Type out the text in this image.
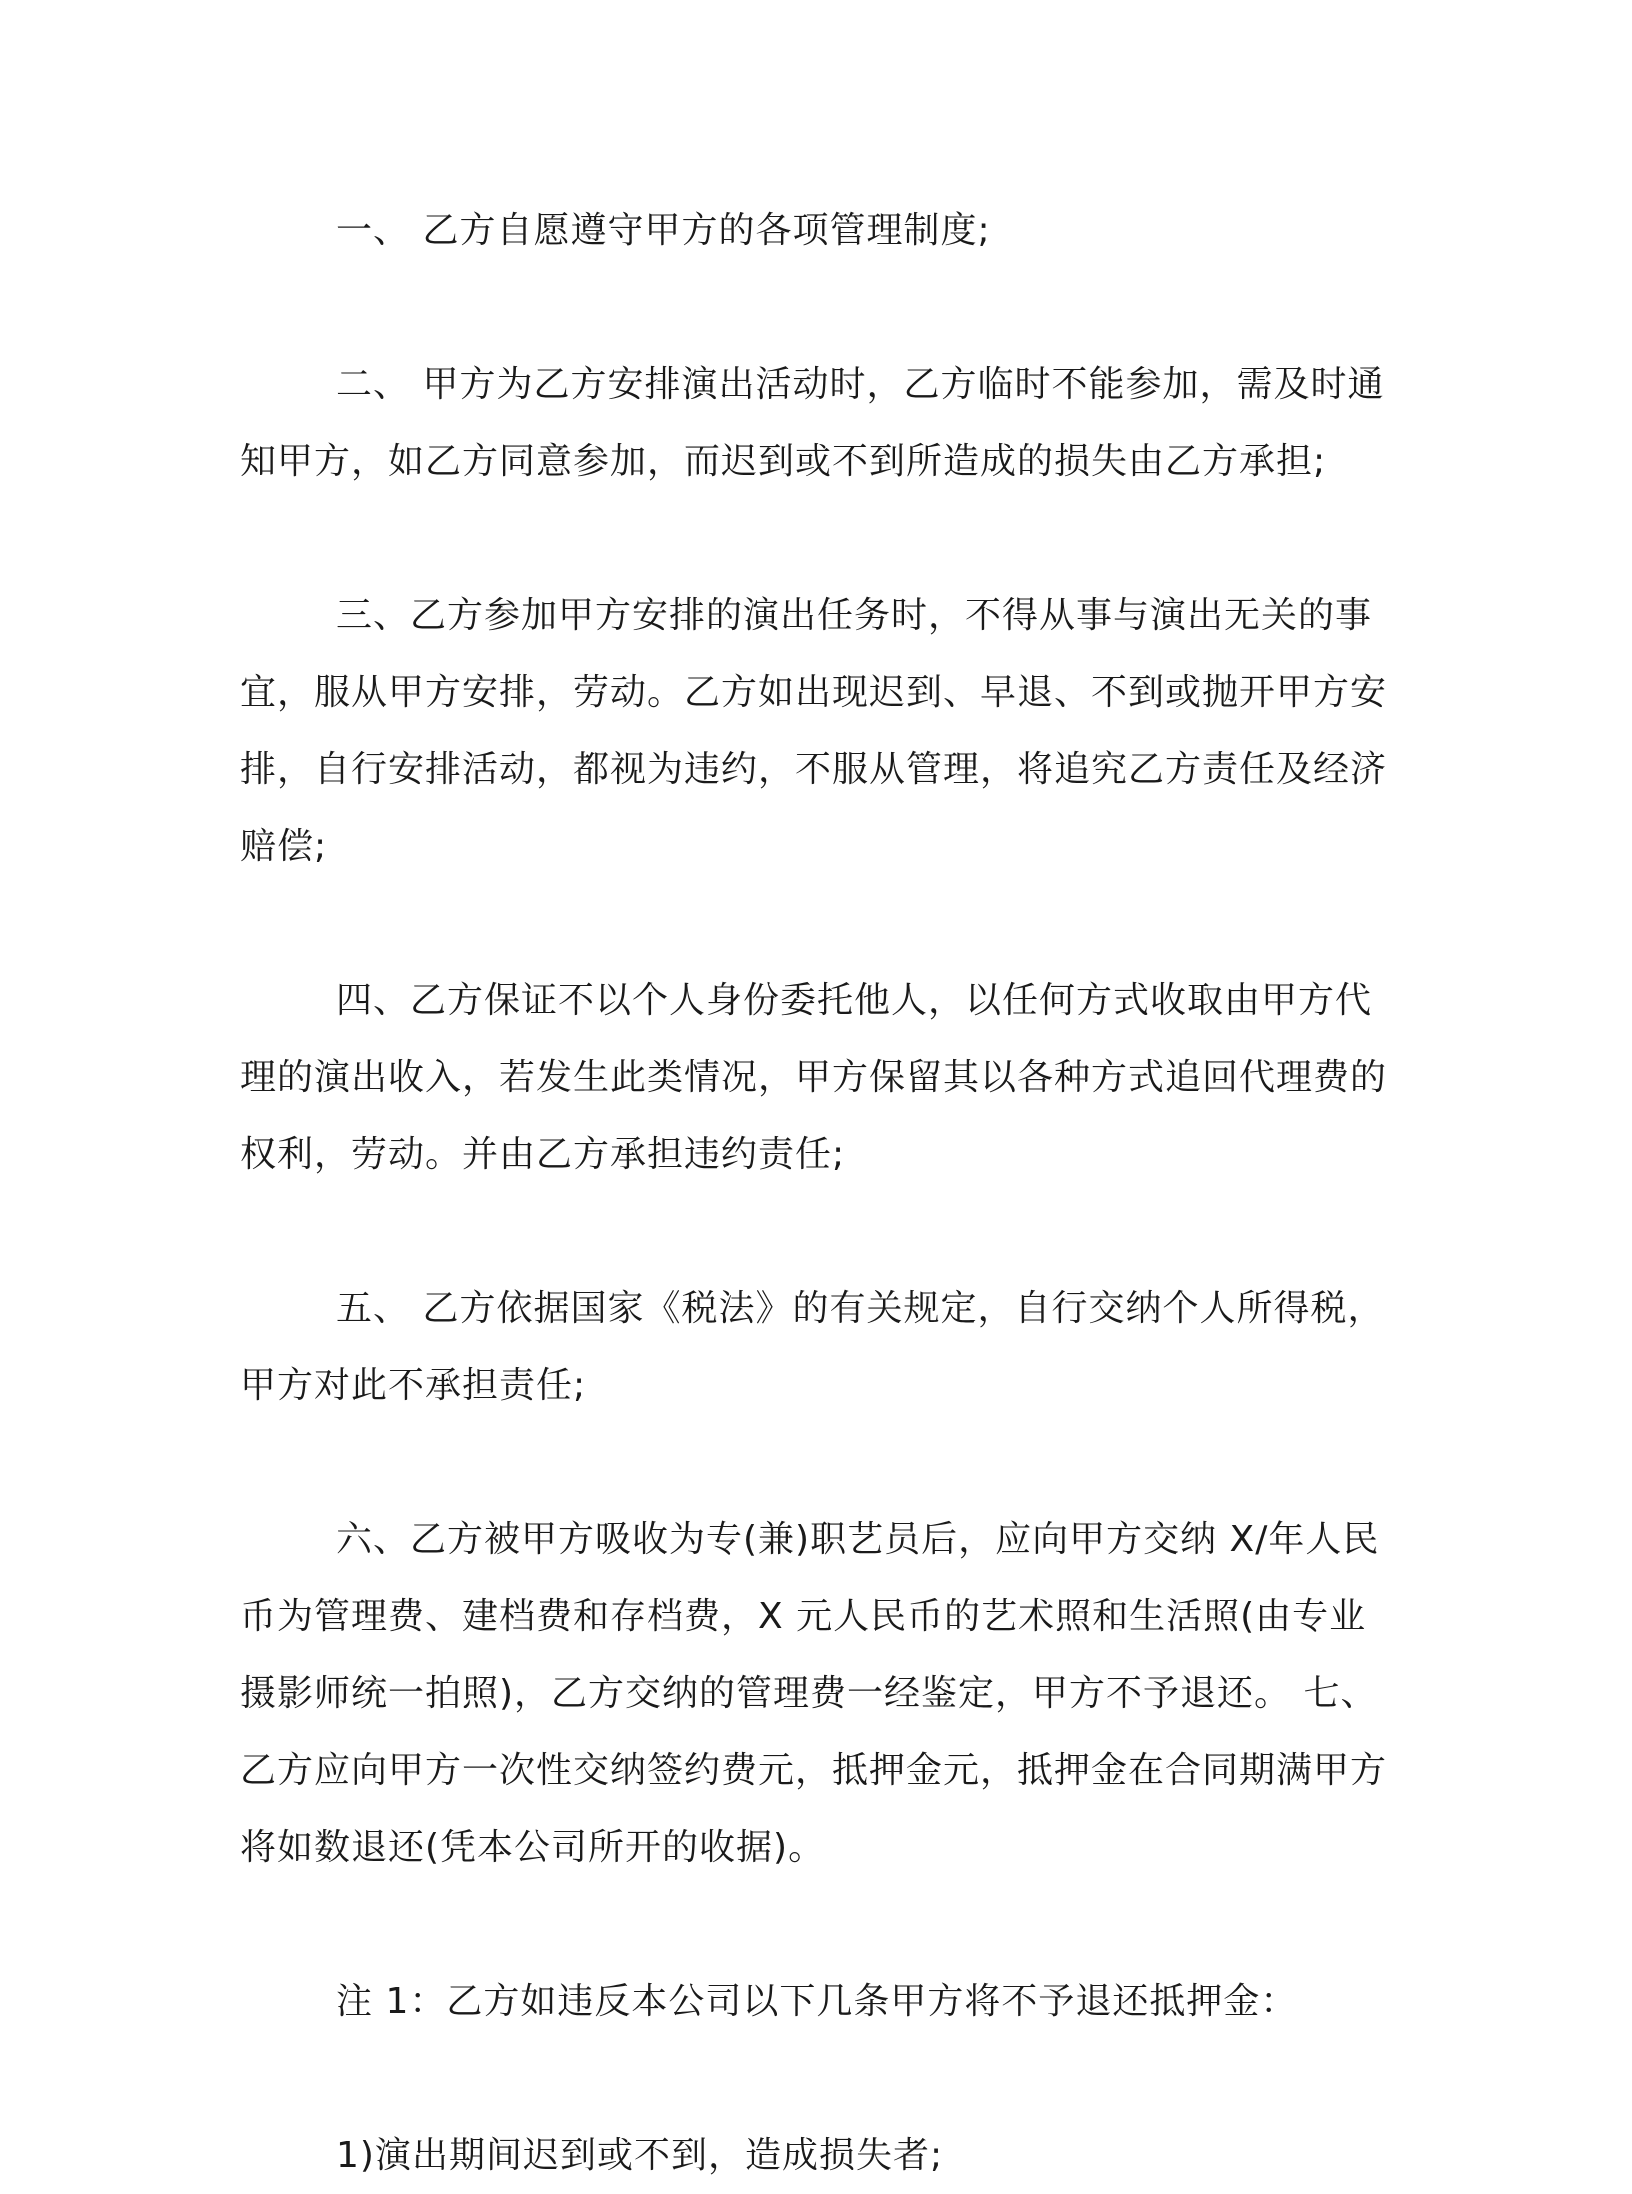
一、 乙方自愿遵守甲方的各项管理制度;

二、 甲方为乙方安排演出活动时，乙方临时不能参加，需及时通知甲方，如乙方同意参加，而迟到或不到所造成的损失由乙方承担;

三、乙方参加甲方安排的演出任务时，不得从事与演出无关的事宜，服从甲方安排，劳动。乙方如出现迟到、早退、不到或抛开甲方安排，自行安排活动，都视为违约，不服从管理，将追究乙方责任及经济赔偿;

四、乙方保证不以个人身份委托他人，以任何方式收取由甲方代理的演出收入，若发生此类情况，甲方保留其以各种方式追回代理费的权利，劳动。并由乙方承担违约责任;

五、 乙方依据国家《税法》的有关规定，自行交纳个人所得税，甲方对此不承担责任;

六、乙方被甲方吸收为专(兼)职艺员后，应向甲方交纳 X/年人民币为管理费、建档费和存档费，X 元人民币的艺术照和生活照(由专业摄影师统一拍照)，乙方交纳的管理费一经鉴定，甲方不予退还。 七、乙方应向甲方一次性交纳签约费元，抵押金元，抵押金在合同期满甲方将如数退还(凭本公司所开的收据)。

注 1：乙方如违反本公司以下几条甲方将不予退还抵押金：

1)演出期间迟到或不到，造成损失者;
